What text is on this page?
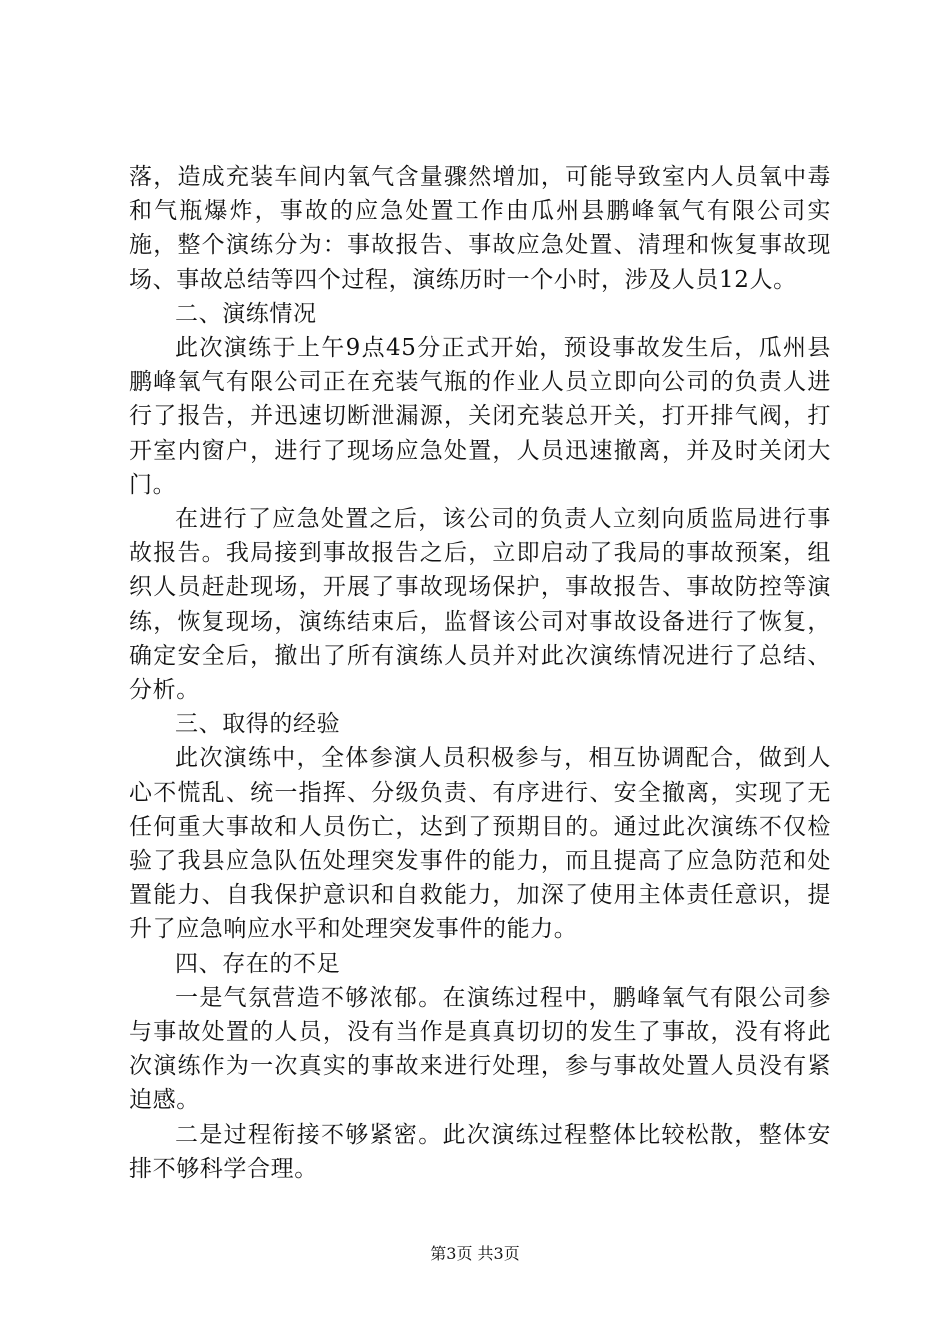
落，造成充装车间内氧气含量骤然增加，可能导致室内人员氧中毒和气瓶爆炸，事故的应急处置工作由瓜州县鹏峰氧气有限公司实施，整个演练分为：事故报告、事故应急处置、清理和恢复事故现场、事故总结等四个过程，演练历时一个小时，涉及人员12人。

二、演练情况

此次演练于上午9点45分正式开始，预设事故发生后，瓜州县鹏峰氧气有限公司正在充装气瓶的作业人员立即向公司的负责人进行了报告，并迅速切断泄漏源，关闭充装总开关，打开排气阀，打开室内窗户，进行了现场应急处置，人员迅速撤离，并及时关闭大门。

在进行了应急处置之后，该公司的负责人立刻向质监局进行事故报告。我局接到事故报告之后，立即启动了我局的事故预案，组织人员赶赴现场，开展了事故现场保护，事故报告、事故防控等演练，恢复现场，演练结束后，监督该公司对事故设备进行了恢复，确定安全后，撤出了所有演练人员并对此次演练情况进行了总结、分析。

三、取得的经验

此次演练中，全体参演人员积极参与，相互协调配合，做到人心不慌乱、统一指挥、分级负责、有序进行、安全撤离，实现了无任何重大事故和人员伤亡，达到了预期目的。通过此次演练不仅检验了我县应急队伍处理突发事件的能力，而且提高了应急防范和处置能力、自我保护意识和自救能力，加深了使用主体责任意识，提升了应急响应水平和处理突发事件的能力。

四、存在的不足

一是气氛营造不够浓郁。在演练过程中，鹏峰氧气有限公司参与事故处置的人员，没有当作是真真切切的发生了事故，没有将此次演练作为一次真实的事故来进行处理，参与事故处置人员没有紧迫感。

二是过程衔接不够紧密。此次演练过程整体比较松散，整体安排不够科学合理。

第3页 共3页
